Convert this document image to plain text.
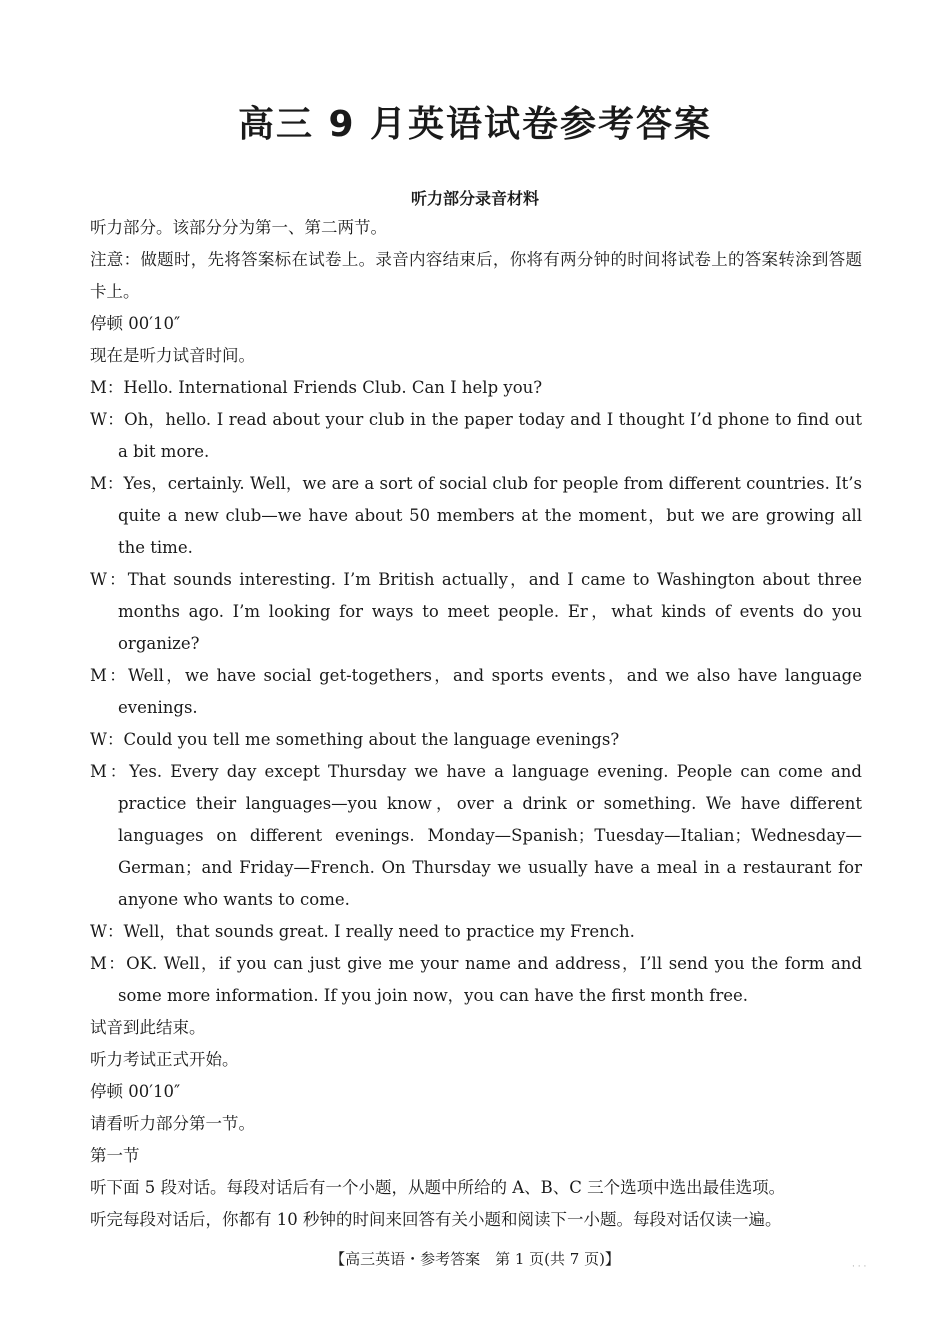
高三 9 月英语试卷参考答案
听力部分录音材料

听力部分。该部分分为第一、第二两节。

注意：做题时，先将答案标在试卷上。录音内容结束后，你将有两分钟的时间将试卷上的答案转涂到答题卡上。

停顿 00′10″

现在是听力试音时间。

M：Hello. International Friends Club. Can I help you?

W：Oh，hello. I read about your club in the paper today and I thought I’d phone to find out a bit more.

M：Yes，certainly. Well，we are a sort of social club for people from different countries. It’s quite a new club—we have about 50 members at the moment，but we are growing all the time.

W：That sounds interesting. I’m British actually，and I came to Washington about three months ago. I’m looking for ways to meet people. Er，what kinds of events do you organize?

M：Well，we have social get-togethers，and sports events，and we also have language evenings.

W：Could you tell me something about the language evenings?

M：Yes. Every day except Thursday we have a language evening. People can come and practice their languages—you know，over a drink or something. We have different languages on different evenings. Monday—Spanish；Tuesday—Italian；Wednesday—German；and Friday—French. On Thursday we usually have a meal in a restaurant for anyone who wants to come.

W：Well，that sounds great. I really need to practice my French.

M：OK. Well，if you can just give me your name and address，I’ll send you the form and some more information. If you join now，you can have the first month free.

试音到此结束。

听力考试正式开始。

停顿 00′10″

请看听力部分第一节。

第一节

听下面 5 段对话。每段对话后有一个小题，从题中所给的 A、B、C 三个选项中选出最佳选项。

听完每段对话后，你都有 10 秒钟的时间来回答有关小题和阅读下一小题。每段对话仅读一遍。

【高三英语・参考答案　第 1 页(共 7 页)】	· · ·
